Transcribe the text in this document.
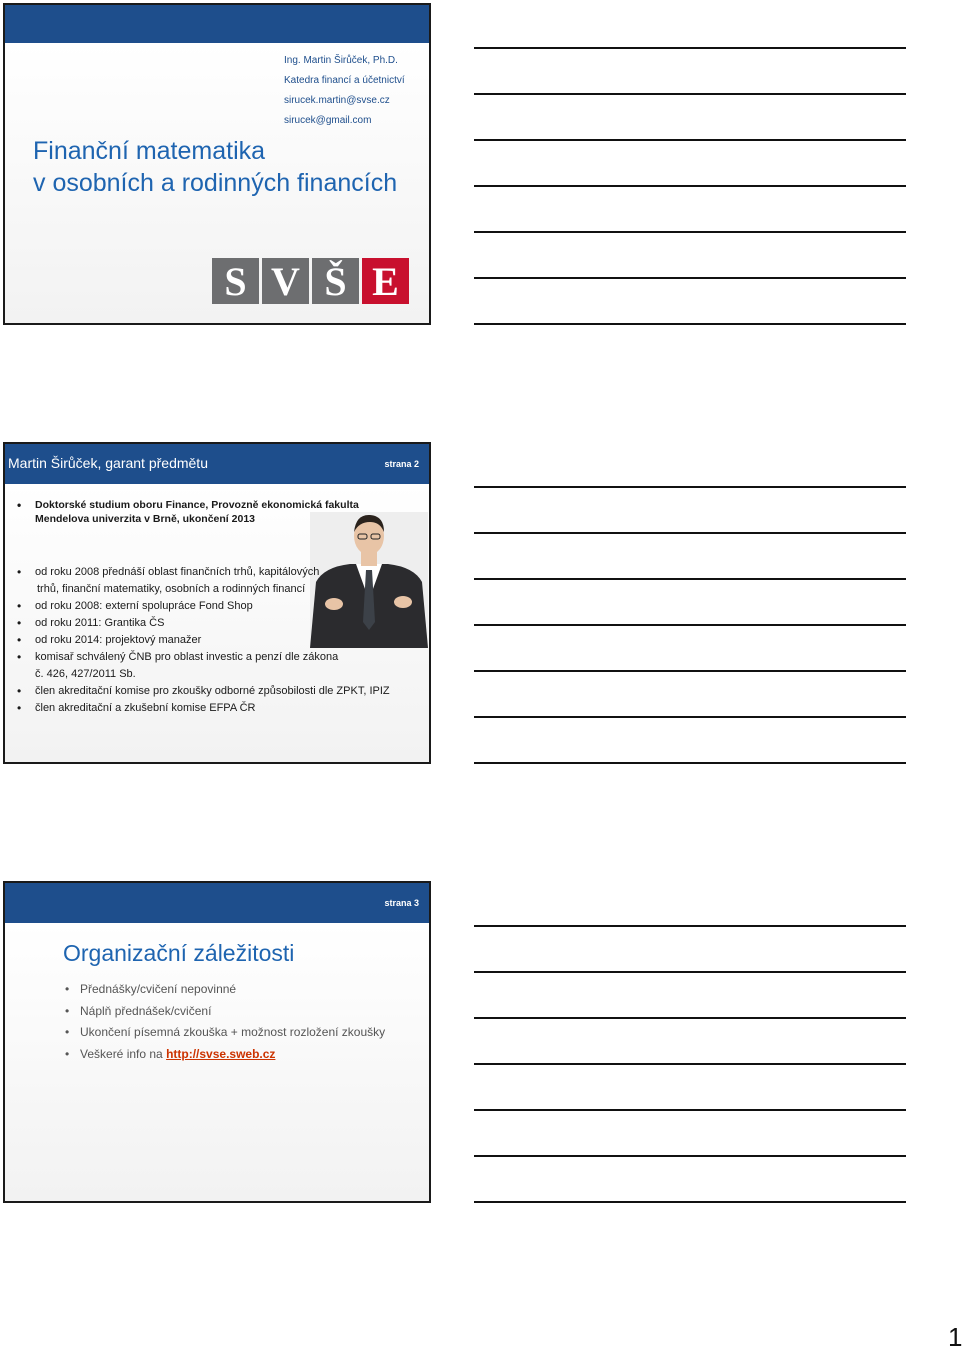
Ing. Martin Širůček, Ph.D.
Katedra financí a účetnictví
sirucek.martin@svse.cz
sirucek@gmail.com
Finanční matematika
v osobních a rodinných financích
S V Š E
Martin Širůček, garant předmětu	strana 2
• Doktorské studium oboru Finance, Provozně ekonomická fakulta
Mendelova univerzita v Brně, ukončení 2013
• od roku 2008 přednáší oblast finančních trhů, kapitálových
trhů, finanční matematiky, osobních a rodinných financí
• od roku 2008: externí spolupráce Fond Shop
• od roku 2011: Grantika ČS
• od roku 2014: projektový manažer
• komisař schválený ČNB pro oblast investic a penzí dle zákona
č. 426, 427/2011 Sb.
• člen akreditační komise pro zkoušky odborné způsobilosti dle ZPKT, IPIZ
• člen akreditační a zkušební komise EFPA ČR
strana 3
Organizační záležitosti
• Přednášky/cvičení nepovinné
• Náplň přednášek/cvičení
• Ukončení písemná zkouška + možnost rozložení zkoušky
• Veškeré info na http://svse.sweb.cz
1
